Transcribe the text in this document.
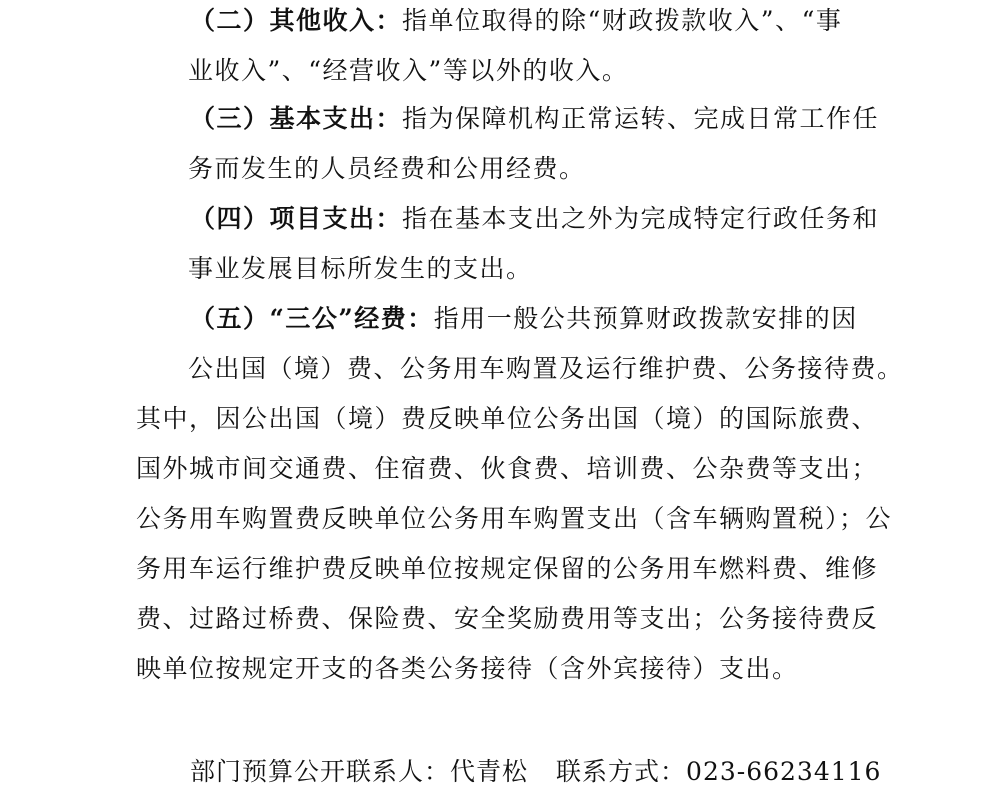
（二）其他收入：指单位取得的除“财政拨款收入”、“事
业收入”、“经营收入”等以外的收入。
（三）基本支出：指为保障机构正常运转、完成日常工作任
务而发生的人员经费和公用经费。
（四）项目支出：指在基本支出之外为完成特定行政任务和
事业发展目标所发生的支出。
（五）“三公”经费：指用一般公共预算财政拨款安排的因
公出国（境）费、公务用车购置及运行维护费、公务接待费。
其中，因公出国（境）费反映单位公务出国（境）的国际旅费、
国外城市间交通费、住宿费、伙食费、培训费、公杂费等支出；
公务用车购置费反映单位公务用车购置支出（含车辆购置税）；公
务用车运行维护费反映单位按规定保留的公务用车燃料费、维修
费、过路过桥费、保险费、安全奖励费用等支出；公务接待费反
映单位按规定开支的各类公务接待（含外宾接待）支出。
部门预算公开联系人：代青松 联系方式：023-66234116
